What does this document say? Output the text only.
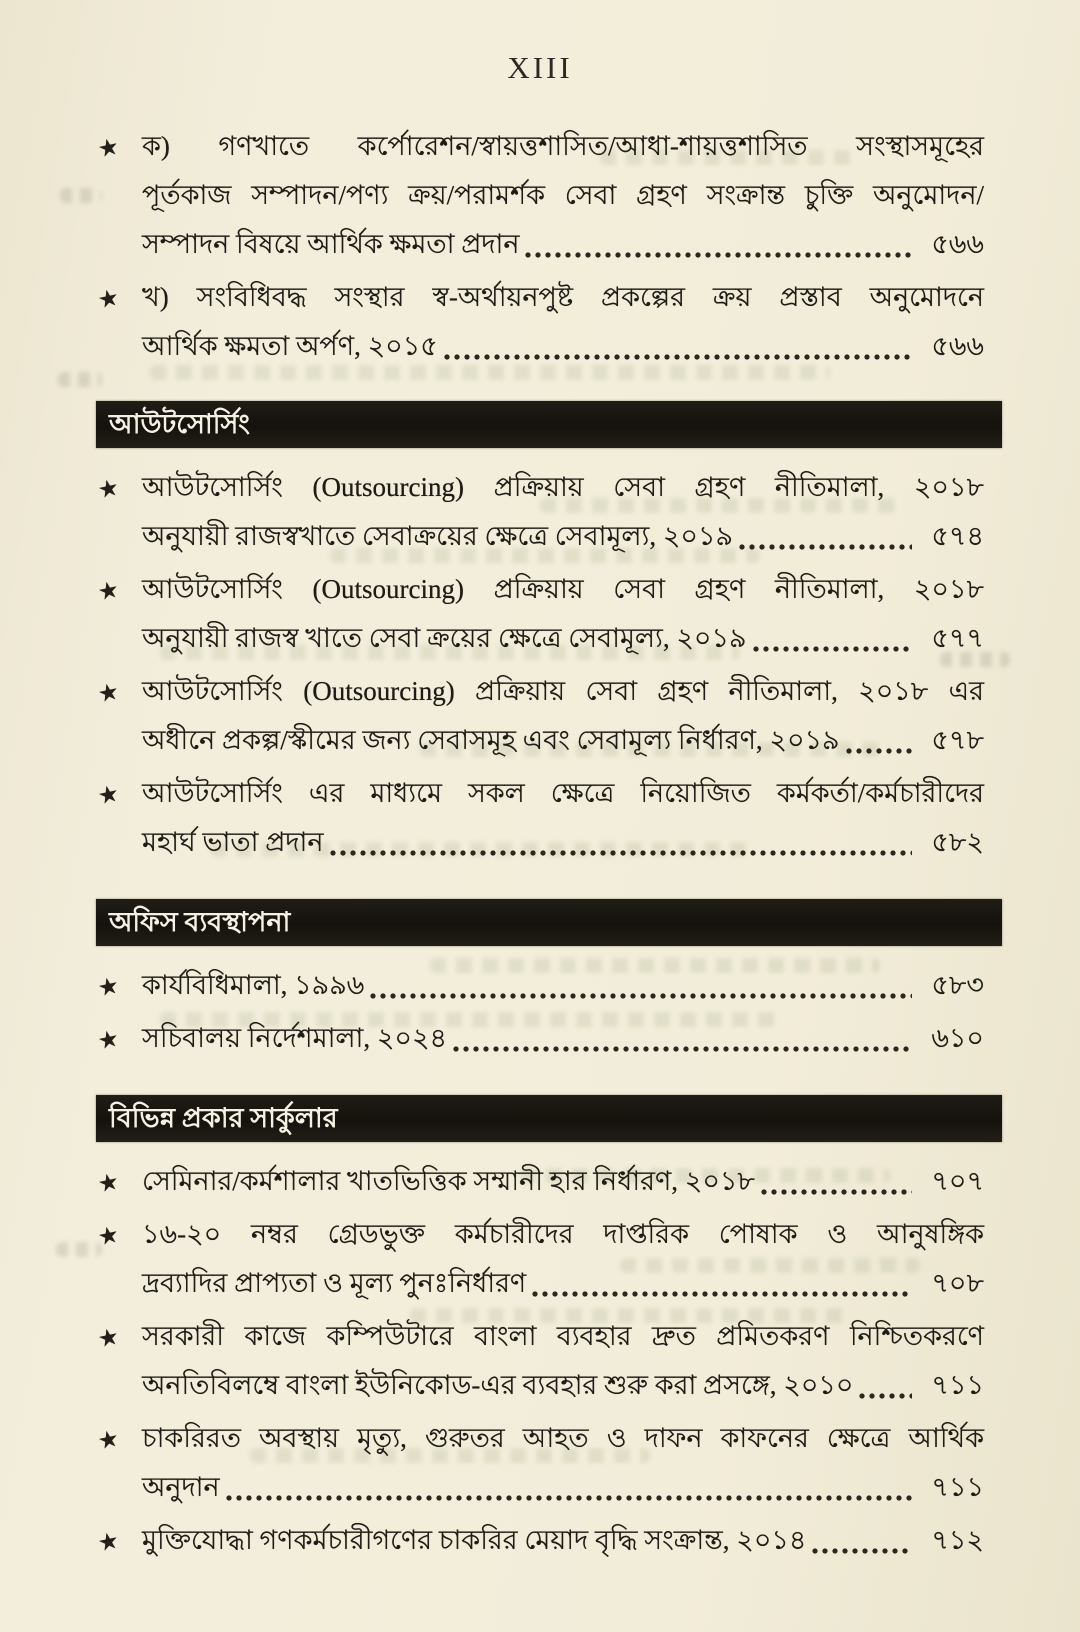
XIII
★ ক) গণখাতে কর্পোরেশন/স্বায়ত্তশাসিত/আধা-শায়ত্তশাসিত সংস্থাসমূহের
পূর্তকাজ সম্পাদন/পণ্য ক্রয়/পরামর্শক সেবা গ্রহণ সংক্রান্ত চুক্তি অনুমোদন/
সম্পাদন বিষয়ে আর্থিক ক্ষমতা প্রদান	৫৬৬
★ খ) সংবিধিবদ্ধ সংস্থার স্ব-অর্থায়নপুষ্ট প্রকল্পের ক্রয় প্রস্তাব অনুমোদনে
আর্থিক ক্ষমতা অর্পণ, ২০১৫	৫৬৬
আউটসোর্সিং
★ আউটসোর্সিং (Outsourcing) প্রক্রিয়ায় সেবা গ্রহণ নীতিমালা, ২০১৮
অনুযায়ী রাজস্বখাতে সেবাক্রয়ের ক্ষেত্রে সেবামূল্য, ২০১৯	৫৭৪
★ আউটসোর্সিং (Outsourcing) প্রক্রিয়ায় সেবা গ্রহণ নীতিমালা, ২০১৮
অনুযায়ী রাজস্ব খাতে সেবা ক্রয়ের ক্ষেত্রে সেবামূল্য, ২০১৯	৫৭৭
★ আউটসোর্সিং (Outsourcing) প্রক্রিয়ায় সেবা গ্রহণ নীতিমালা, ২০১৮ এর
অধীনে প্রকল্প/স্কীমের জন্য সেবাসমূহ এবং সেবামূল্য নির্ধারণ, ২০১৯	৫৭৮
★ আউটসোর্সিং এর মাধ্যমে সকল ক্ষেত্রে নিয়োজিত কর্মকর্তা/কর্মচারীদের
মহার্ঘ ভাতা প্রদান	৫৮২
অফিস ব্যবস্থাপনা
★ কার্যবিধিমালা, ১৯৯৬	৫৮৩
★ সচিবালয় নির্দেশমালা, ২০২৪	৬১০
বিভিন্ন প্রকার সার্কুলার
★ সেমিনার/কর্মশালার খাতভিত্তিক সম্মানী হার নির্ধারণ, ২০১৮	৭০৭
★ ১৬-২০ নম্বর গ্রেডভুক্ত কর্মচারীদের দাপ্তরিক পোষাক ও আনুষঙ্গিক
দ্রব্যাদির প্রাপ্যতা ও মূল্য পুনঃনির্ধারণ	৭০৮
★ সরকারী কাজে কম্পিউটারে বাংলা ব্যবহার দ্রুত প্রমিতকরণ নিশ্চিতকরণে
অনতিবিলম্বে বাংলা ইউনিকোড-এর ব্যবহার শুরু করা প্রসঙ্গে, ২০১০	৭১১
★ চাকরিরত অবস্থায় মৃত্যু, গুরুতর আহত ও দাফন কাফনের ক্ষেত্রে আর্থিক
অনুদান	৭১১
★ মুক্তিযোদ্ধা গণকর্মচারীগণের চাকরির মেয়াদ বৃদ্ধি সংক্রান্ত, ২০১৪	৭১২
